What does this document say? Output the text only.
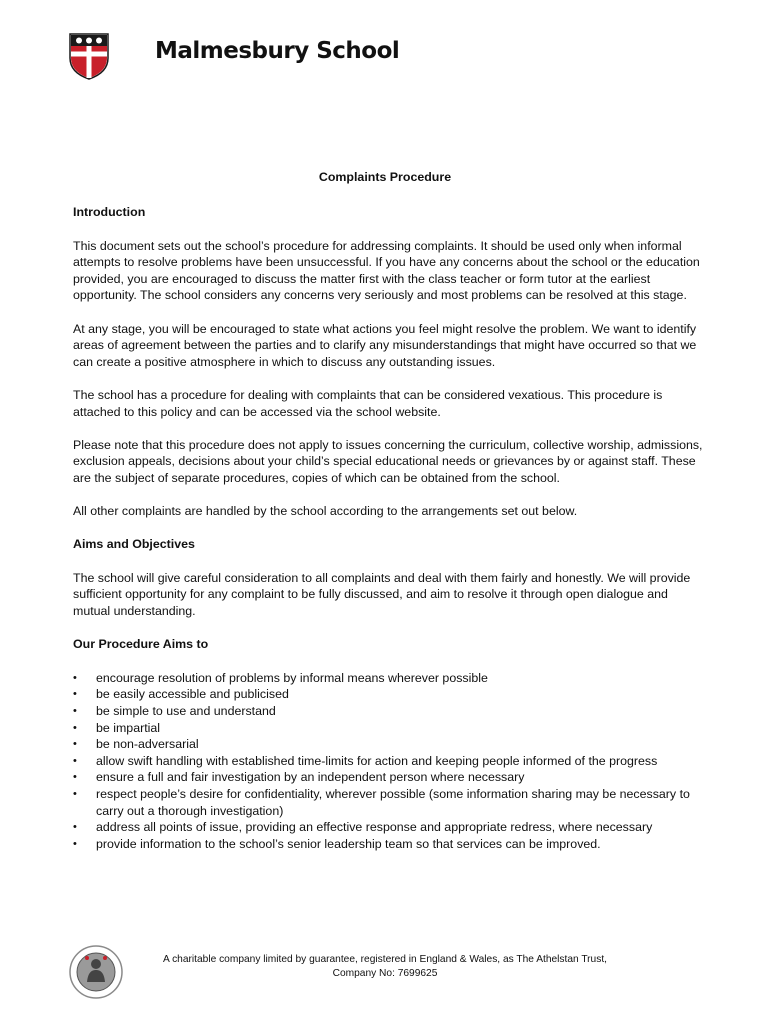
Malmesbury School
Complaints Procedure
Introduction

This document sets out the school’s procedure for addressing complaints. It should be used only when informal attempts to resolve problems have been unsuccessful. If you have any concerns about the school or the education provided, you are encouraged to discuss the matter first with the class teacher or form tutor at the earliest opportunity. The school considers any concerns very seriously and most problems can be resolved at this stage.

At any stage, you will be encouraged to state what actions you feel might resolve the problem. We want to identify areas of agreement between the parties and to clarify any misunderstandings that might have occurred so that we can create a positive atmosphere in which to discuss any outstanding issues.

The school has a procedure for dealing with complaints that can be considered vexatious. This procedure is attached to this policy and can be accessed via the school website.

Please note that this procedure does not apply to issues concerning the curriculum, collective worship, admissions, exclusion appeals, decisions about your child’s special educational needs or grievances by or against staff. These are the subject of separate procedures, copies of which can be obtained from the school.

All other complaints are handled by the school according to the arrangements set out below.

Aims and Objectives

The school will give careful consideration to all complaints and deal with them fairly and honestly. We will provide sufficient opportunity for any complaint to be fully discussed, and aim to resolve it through open dialogue and mutual understanding.

Our Procedure Aims to
• encourage resolution of problems by informal means wherever possible
• be easily accessible and publicised
• be simple to use and understand
• be impartial
• be non-adversarial
• allow swift handling with established time-limits for action and keeping people informed of the progress
• ensure a full and fair investigation by an independent person where necessary
• respect people’s desire for confidentiality, wherever possible (some information sharing may be necessary to carry out a thorough investigation)
• address all points of issue, providing an effective response and appropriate redress, where necessary
• provide information to the school’s senior leadership team so that services can be improved.
A charitable company limited by guarantee, registered in England & Wales, as The Athelstan Trust,
Company No: 7699625
